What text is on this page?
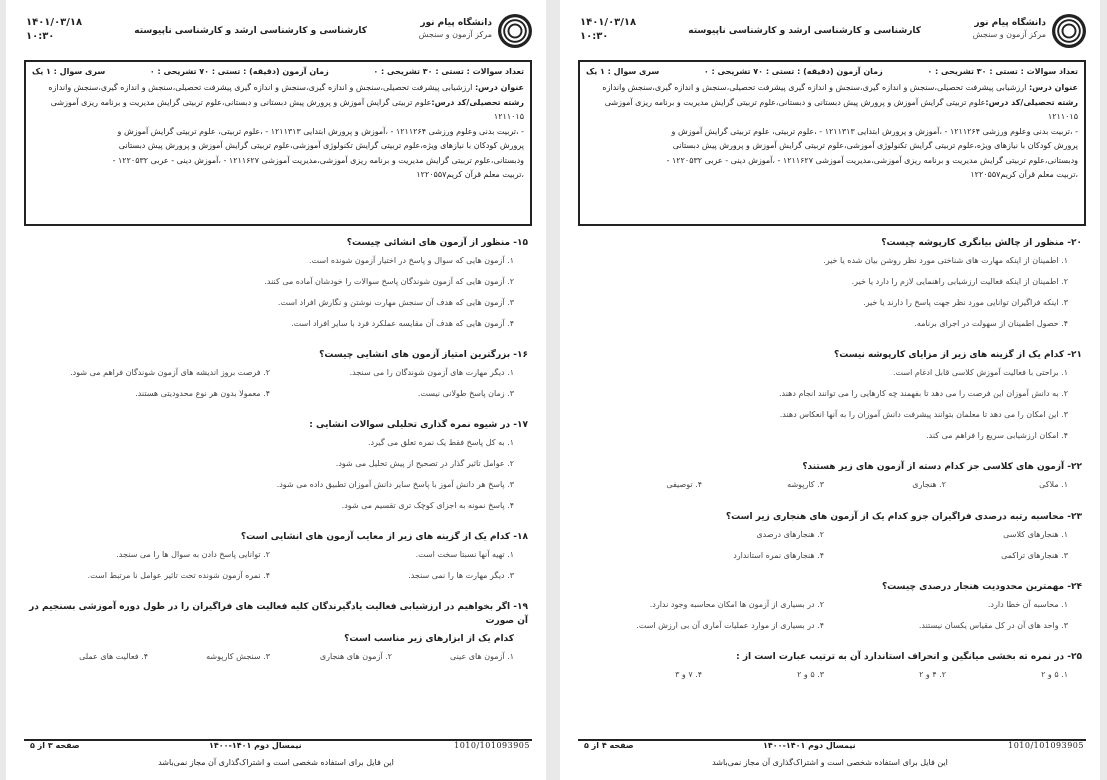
دانشگاه پیام نور
مرکز آزمون و سنجش
کارشناسی و کارشناسی ارشد و کارشناسی ناپیوسته
۱۴۰۱/۰۳/۱۸
۱۰:۳۰
تعداد سوالات : تستی : ۳۰ تشریحی : ۰
زمان آزمون (دقیقه) : تستی : ۷۰ تشریحی : ۰
سری سوال : ۱ یک
عنوان درس: ارزشیابی پیشرفت تحصیلی،سنجش و اندازه گیری،سنجش و اندازه گیری پیشرفت تحصیلی،سنجش و اندازه گیری،سنجش واندازه
رشته تحصیلی/کد درس:علوم تربیتی گرایش آموزش و پرورش پیش دبستانی و دبستانی،علوم تربیتی گرایش مدیریت و برنامه ریزی آموزشی ۱۲۱۱۰۱۵
- ،تربیت بدنی وعلوم ورزشی ۱۲۱۱۲۶۴ - ،آموزش و پرورش ابتدایی ۱۲۱۱۳۱۳ - ،علوم تربیتی، علوم تربیتی گرایش آموزش و
پرورش کودکان با نیازهای ویژه،علوم تربیتی گرایش تکنولوژی آموزشی،علوم تربیتی گرایش آموزش و پرورش پیش دبستانی
ودبستانی،علوم تربیتی گرایش مدیریت و برنامه ریزی آموزشی،مدیریت آموزشی ۱۲۱۱۶۲۷ - ،آموزش دینی - عربی ۱۲۲۰۵۳۲ -
،تربیت معلم قرآن کریم۱۲۲۰۵۵۷
۱۵- منظور از آزمون های انشائی چیست؟
۱. آزمون هایی که سوال و پاسخ در اختیار آزمون شونده است.
۲. آزمون هایی که آزمون شوندگان پاسخ سوالات را خودشان آماده می کنند.
۳. آزمون هایی که هدف آن سنجش مهارت نوشتن و نگارش افراد است.
۴. آزمون هایی که هدف آن مقایسه عملکرد فرد با سایر افراد است.
۱۶- بزرگترین امتیاز آزمون های انشایی چیست؟
۱. دیگر مهارت های آزمون شوندگان را می سنجد.
۲. فرصت بروز اندیشه های آزمون شوندگان فراهم می شود.
۳. زمان پاسخ طولانی نیست.
۴. معمولا بدون هر نوع محدودیتی هستند.
۱۷- در شیوه نمره گذاری تحلیلی سوالات انشایی :
۱. به کل پاسخ فقط یک نمره تعلق می گیرد.
۲. عوامل تاثیر گذار در تصحیح از پیش تحلیل می شود.
۳. پاسخ هر دانش آموز با پاسخ سایر دانش آموزان تطبیق داده می شود.
۴. پاسخ نمونه به اجزای کوچک تری تقسیم می شود.
۱۸- کدام یک از گزینه های زیر از معایب آزمون های انشایی است؟
۱. تهیه آنها نسبتا سخت است.
۲. توانایی پاسخ دادن به سوال ها را می سنجد.
۳. دیگر مهارت ها را نمی سنجد.
۴. نمره آزمون شونده تحت تاثیر عوامل نا مرتبط است.
۱۹- اگر بخواهیم در ارزشیابی فعالیت یادگیرندگان کلیه فعالیت های فراگیران را در طول دوره آموزشی بسنجیم در آن صورت
کدام یک از ابزارهای زیر مناسب است؟
۱. آزمون های عینی
۲. آزمون های هنجاری
۳. سنجش کارپوشه
۴. فعالیت های عملی
1010/101093905
نیمسال دوم ۱۴۰۱-۱۴۰۰
صفحه ۳ از ۵
این فایل برای استفاده شخصی است و اشتراک‌گذاری آن مجاز نمی‌باشد
دانشگاه پیام نور
مرکز آزمون و سنجش
کارشناسی و کارشناسی ارشد و کارشناسی ناپیوسته
۱۴۰۱/۰۳/۱۸
۱۰:۳۰
تعداد سوالات : تستی : ۳۰ تشریحی : ۰
زمان آزمون (دقیقه) : تستی : ۷۰ تشریحی : ۰
سری سوال : ۱ یک
عنوان درس: ارزشیابی پیشرفت تحصیلی،سنجش و اندازه گیری،سنجش و اندازه گیری پیشرفت تحصیلی،سنجش و اندازه گیری،سنجش واندازه
رشته تحصیلی/کد درس:علوم تربیتی گرایش آموزش و پرورش پیش دبستانی و دبستانی،علوم تربیتی گرایش مدیریت و برنامه ریزی آموزشی ۱۲۱۱۰۱۵
- ،تربیت بدنی وعلوم ورزشی ۱۲۱۱۲۶۴ - ،آموزش و پرورش ابتدایی ۱۲۱۱۳۱۳ - ،علوم تربیتی، علوم تربیتی گرایش آموزش و
پرورش کودکان با نیازهای ویژه،علوم تربیتی گرایش تکنولوژی آموزشی،علوم تربیتی گرایش آموزش و پرورش پیش دبستانی
ودبستانی،علوم تربیتی گرایش مدیریت و برنامه ریزی آموزشی،مدیریت آموزشی ۱۲۱۱۶۲۷ - ،آموزش دینی - عربی ۱۲۲۰۵۳۲ -
،تربیت معلم قرآن کریم۱۲۲۰۵۵۷
۲۰- منظور از چالش بیانگری کارپوشه چیست؟
۱. اطمینان از اینکه مهارت های شناختی مورد نظر روشن بیان شده یا خیر.
۲. اطمینان از اینکه فعالیت ارزشیابی راهنمایی لازم را دارد یا خیر.
۳. اینکه فراگیران توانایی مورد نظر جهت پاسخ را دارند یا خیر.
۴. حصول اطمینان از سهولت در اجرای برنامه.
۲۱- کدام یک از گزینه های زیر از مزایای کارپوشه نیست؟
۱. براحتی با فعالیت آموزش کلاسی قابل ادغام است.
۲. به دانش آموزان این فرصت را می دهد تا بفهمند چه کارهایی را می توانند انجام دهند.
۳. این امکان را می دهد تا معلمان بتوانند پیشرفت دانش آموزان را به آنها انعکاس دهند.
۴. امکان ارزشیابی سریع را فراهم می کند.
۲۲- آزمون های کلاسی جز کدام دسته از آزمون های زیر هستند؟
۱. ملاکی
۲. هنجاری
۳. کارپوشه
۴. توصیفی
۲۳- محاسبه رتبه درصدی فراگیران جزو کدام یک از آزمون های هنجاری زیر است؟
۱. هنجارهای کلاسی
۲. هنجارهای درصدی
۳. هنجارهای تراکمی
۴. هنجارهای نمره استاندارد
۲۴- مهمترین محدودیت هنجار درصدی چیست؟
۱. محاسبه آن خطا دارد.
۲. در بسیاری از آزمون ها امکان محاسبه وجود ندارد.
۳. واحد های آن در کل مقیاس یکسان نیستند.
۴. در بسیاری از موارد عملیات آماری آن بی ارزش است.
۲۵- در نمره ته بخشی میانگین و انحراف استاندارد آن به ترتیب عبارت است از :
۱. ۵ و ۲
۲. ۴ و ۲
۳. ۵ و ۲
۴. ۷ و ۳
1010/101093905
نیمسال دوم ۱۴۰۱-۱۴۰۰
صفحه ۴ از ۵
این فایل برای استفاده شخصی است و اشتراک‌گذاری آن مجاز نمی‌باشد
